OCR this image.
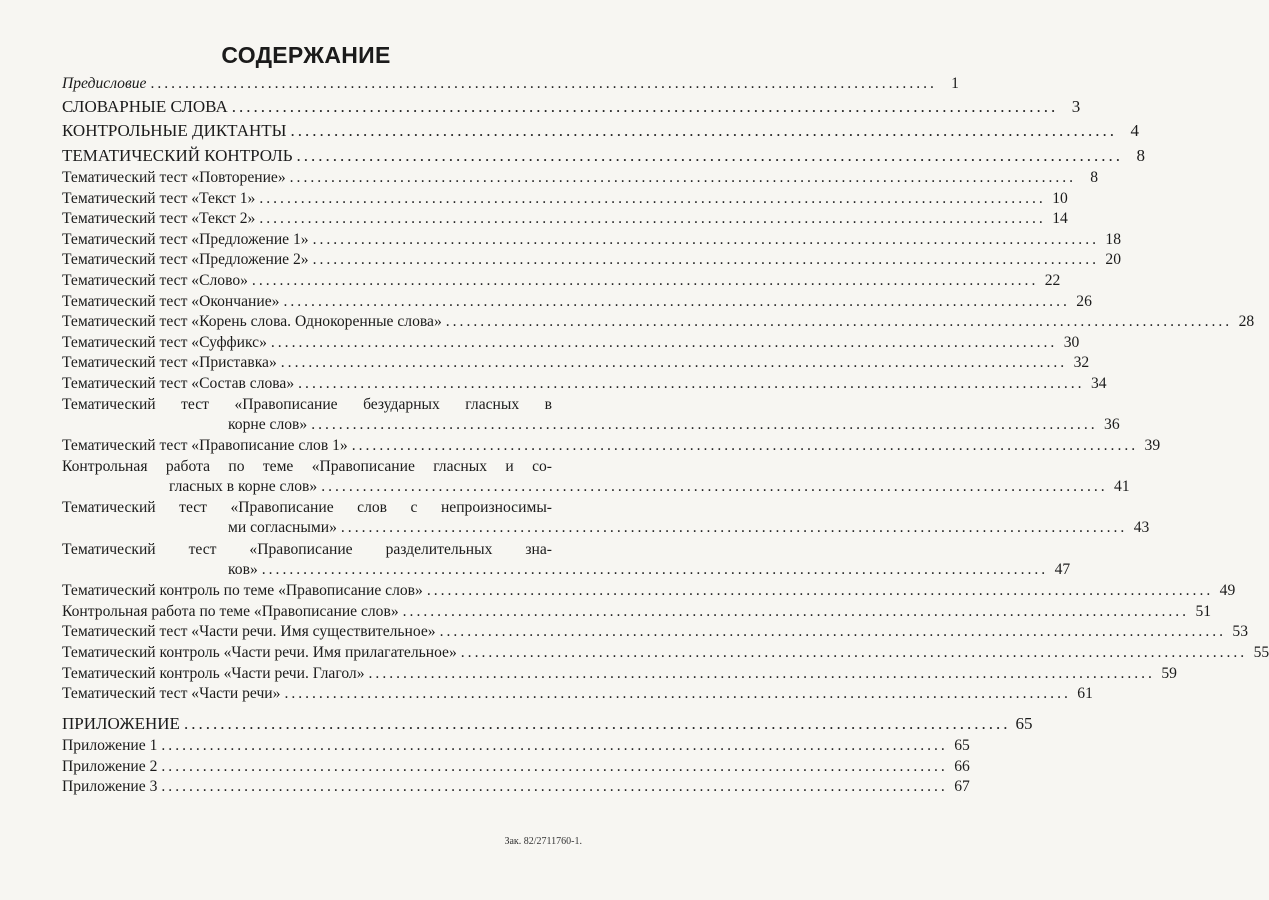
СОДЕРЖАНИЕ
Предисловие .................................................................................................................. 1
СЛОВАРНЫЕ СЛОВА .................................................................................................................. 3
КОНТРОЛЬНЫЕ ДИКТАНТЫ .................................................................................................................. 4
ТЕМАТИЧЕСКИЙ КОНТРОЛЬ .................................................................................................................. 8
Тематический тест «Повторение» .................................................................................................................. 8
Тематический тест «Текст 1» .................................................................................................................. 10
Тематический тест «Текст 2» .................................................................................................................. 14
Тематический тест «Предложение 1» .................................................................................................................. 18
Тематический тест «Предложение 2» .................................................................................................................. 20
Тематический тест «Слово» .................................................................................................................. 22
Тематический тест «Окончание» .................................................................................................................. 26
Тематический тест «Корень слова. Однокоренные слова» .................................................................................................................. 28
Тематический тест «Суффикс» .................................................................................................................. 30
Тематический тест «Приставка» .................................................................................................................. 32
Тематический тест «Состав слова» .................................................................................................................. 34
Тематический тест «Правописание безударных гласных в
корне слов» .................................................................................................................. 36
Тематический тест «Правописание слов 1» .................................................................................................................. 39
Контрольная работа по теме «Правописание гласных и со-
гласных в корне слов» .................................................................................................................. 41
Тематический тест «Правописание слов с непроизносимы-
ми согласными» .................................................................................................................. 43
Тематический тест «Правописание разделительных зна-
ков» .................................................................................................................. 47
Тематический контроль по теме «Правописание слов» .................................................................................................................. 49
Контрольная работа по теме «Правописание слов» .................................................................................................................. 51
Тематический тест «Части речи. Имя существительное» .................................................................................................................. 53
Тематический контроль «Части речи. Имя прилагательное» .................................................................................................................. 55
Тематический контроль «Части речи. Глагол» .................................................................................................................. 59
Тематический тест «Части речи» .................................................................................................................. 61
ПРИЛОЖЕНИЕ .................................................................................................................. 65
Приложение 1 .................................................................................................................. 65
Приложение 2 .................................................................................................................. 66
Приложение 3 .................................................................................................................. 67
Зак. 82/2711760-1.
